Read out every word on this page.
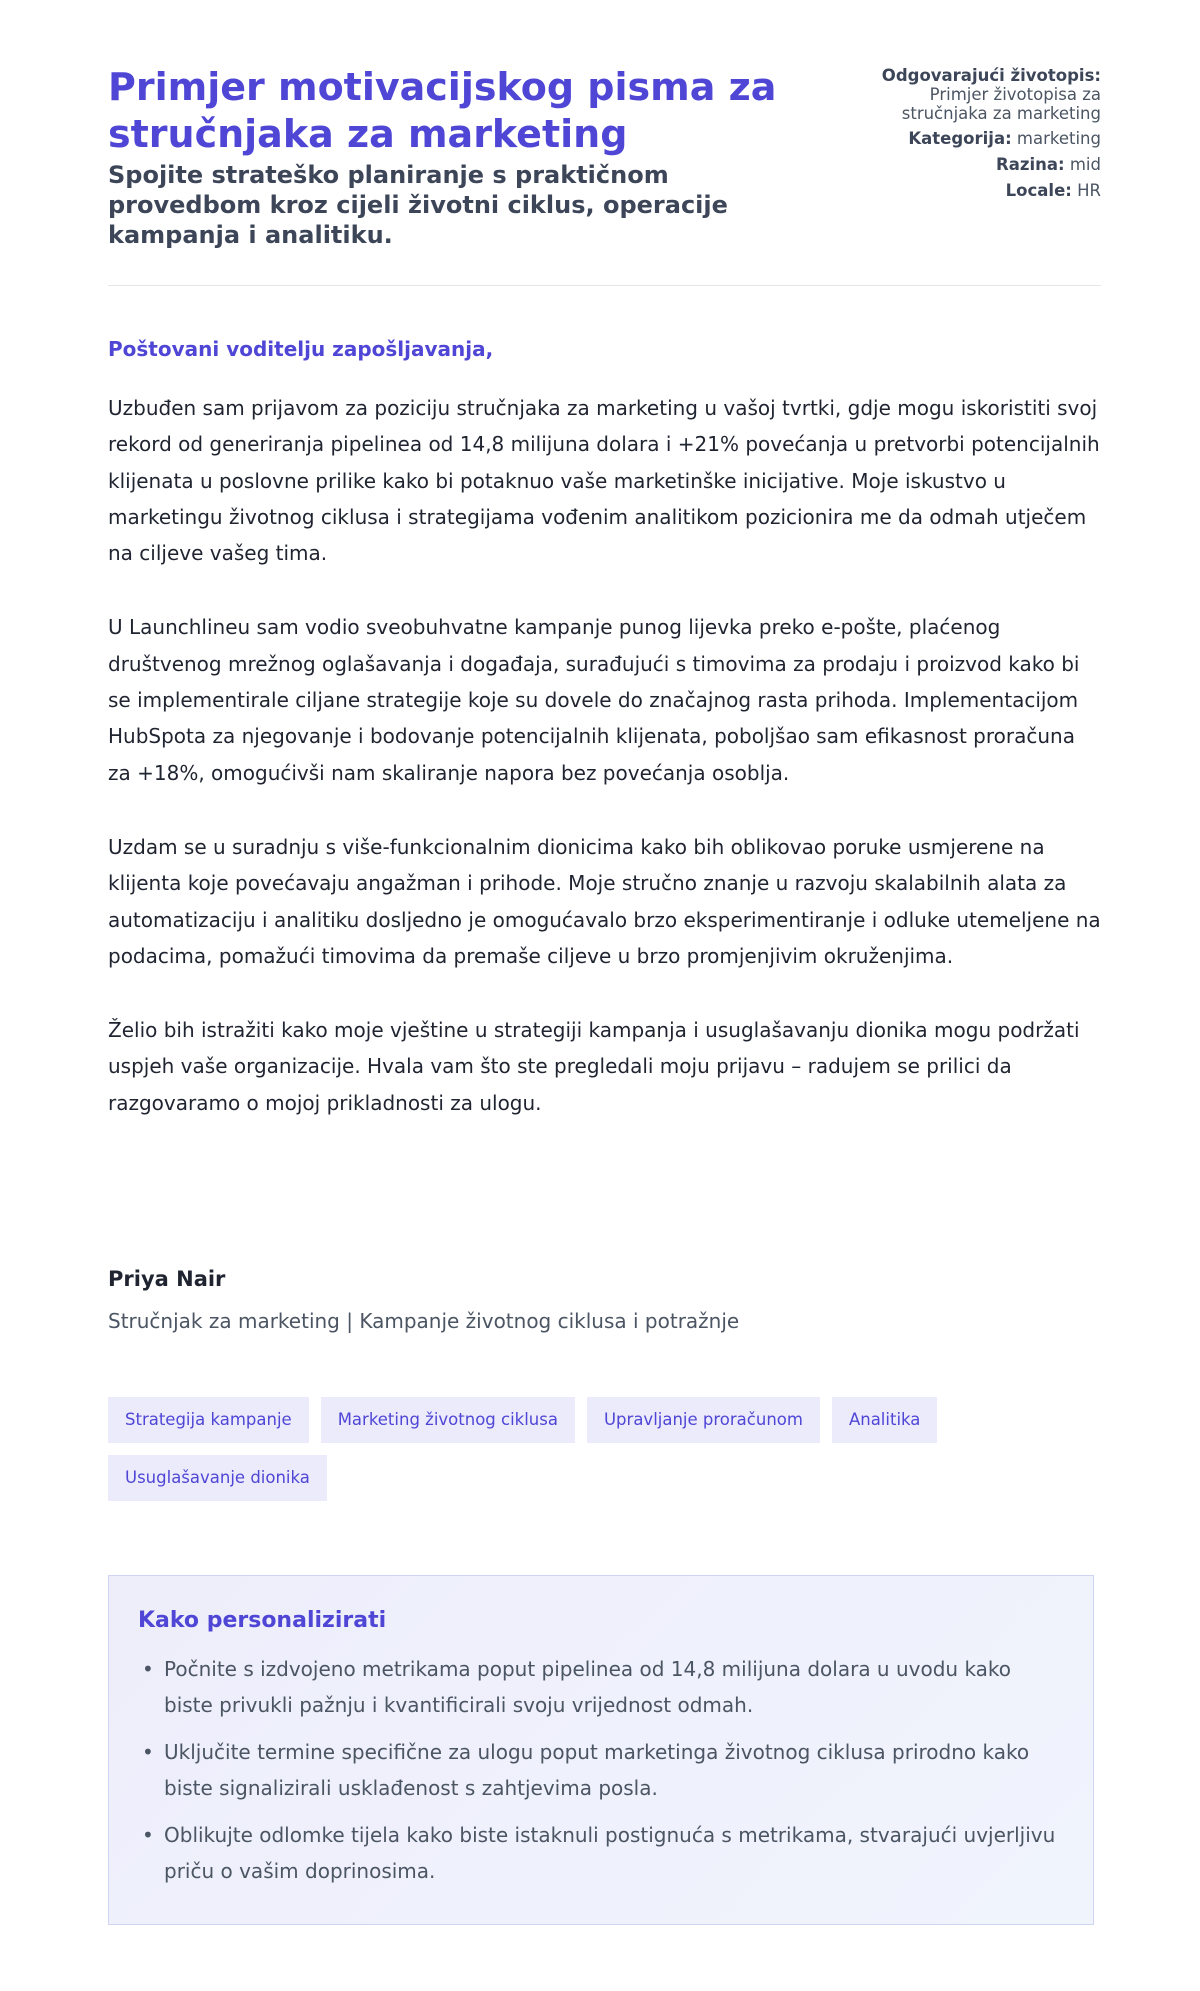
Primjer motivacijskog pisma za stručnjaka za marketing

Spojite strateško planiranje s praktičnom provedbom kroz cijeli životni ciklus, operacije kampanja i analitiku.

Odgovarajući životopis:
Primjer životopisa za stručnjaka za marketing
Kategorija: marketing
Razina: mid
Locale: HR

Poštovani voditelju zapošljavanja,

Uzbuđen sam prijavom za poziciju stručnjaka za marketing u vašoj tvrtki, gdje mogu iskoristiti svoj rekord od generiranja pipelinea od 14,8 milijuna dolara i +21% povećanja u pretvorbi potencijalnih klijenata u poslovne prilike kako bi potaknuo vaše marketinške inicijative. Moje iskustvo u marketingu životnog ciklusa i strategijama vođenim analitikom pozicionira me da odmah utječem na ciljeve vašeg tima.

U Launchlineu sam vodio sveobuhvatne kampanje punog lijevka preko e-pošte, plaćenog društvenog mrežnog oglašavanja i događaja, surađujući s timovima za prodaju i proizvod kako bi se implementirale ciljane strategije koje su dovele do značajnog rasta prihoda. Implementacijom HubSpota za njegovanje i bodovanje potencijalnih klijenata, poboljšao sam efikasnost proračuna za +18%, omogućivši nam skaliranje napora bez povećanja osoblja.

Uzdam se u suradnju s više-funkcionalnim dionicima kako bih oblikovao poruke usmjerene na klijenta koje povećavaju angažman i prihode. Moje stručno znanje u razvoju skalabilnih alata za automatizaciju i analitiku dosljedno je omogućavalo brzo eksperimentiranje i odluke utemeljene na podacima, pomažući timovima da premaše ciljeve u brzo promjenjivim okruženjima.

Želio bih istražiti kako moje vještine u strategiji kampanja i usuglašavanju dionika mogu podržati uspjeh vaše organizacije. Hvala vam što ste pregledali moju prijavu – radujem se prilici da razgovaramo o mojoj prikladnosti za ulogu.

Priya Nair

Stručnjak za marketing | Kampanje životnog ciklusa i potražnje

Strategija kampanje	Marketing životnog ciklusa	Upravljanje proračunom	Analitika
Usuglašavanje dionika
Kako personalizirati
• Počnite s izdvojeno metrikama poput pipelinea od 14,8 milijuna dolara u uvodu kako biste privukli pažnju i kvantificirali svoju vrijednost odmah.
• Uključite termine specifične za ulogu poput marketinga životnog ciklusa prirodno kako biste signalizirali usklađenost s zahtjevima posla.
• Oblikujte odlomke tijela kako biste istaknuli postignuća s metrikama, stvarajući uvjerljivu priču o vašim doprinosima.
